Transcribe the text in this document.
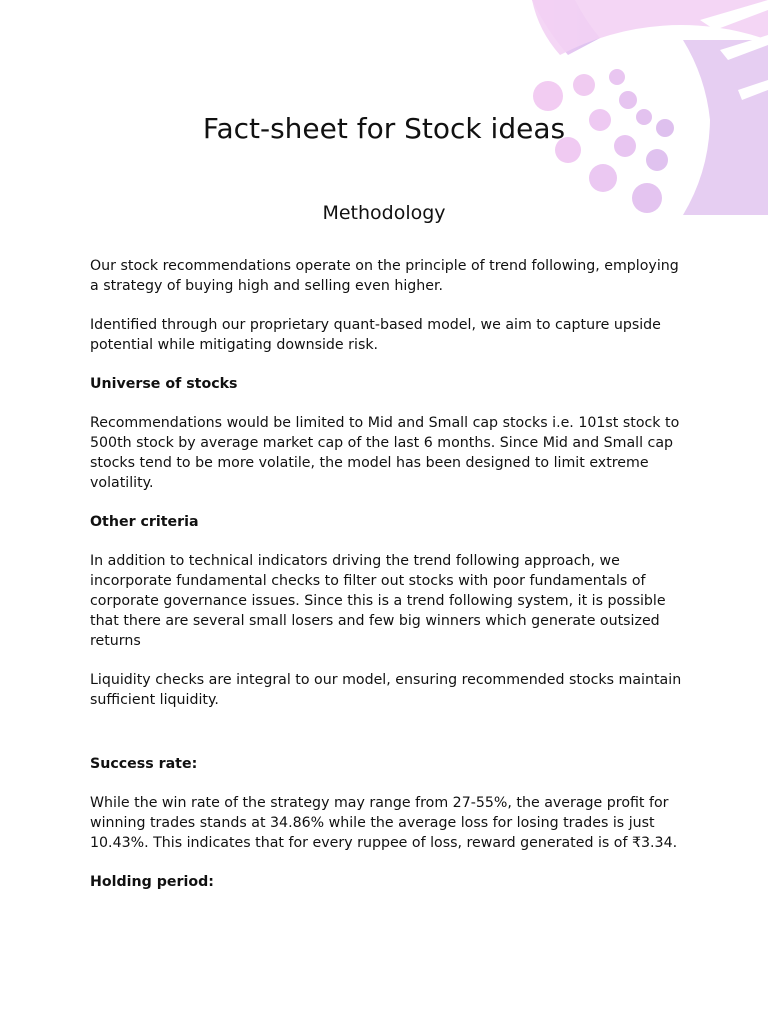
Fact-sheet for Stock ideas
Methodology

Our stock recommendations operate on the principle of trend following, employing a strategy of buying high and selling even higher.

Identified through our proprietary quant-based model, we aim to capture upside potential while mitigating downside risk.

Universe of stocks

Recommendations would be limited to Mid and Small cap stocks i.e. 101st stock to 500th stock by average market cap of the last 6 months. Since Mid and Small cap stocks tend to be more volatile, the model has been designed to limit extreme volatility.

Other criteria

In addition to technical indicators driving the trend following approach, we incorporate fundamental checks to filter out stocks with poor fundamentals of corporate governance issues. Since this is a trend following system, it is possible that there are several small losers and few big winners which generate outsized returns

Liquidity checks are integral to our model, ensuring recommended stocks maintain sufficient liquidity.

Success rate:

While the win rate of the strategy may range from 27-55%, the average profit for winning trades stands at 34.86% while the average loss for losing trades is just 10.43%. This indicates that for every ruppee of loss, reward generated is of ₹3.34.

Holding period:
